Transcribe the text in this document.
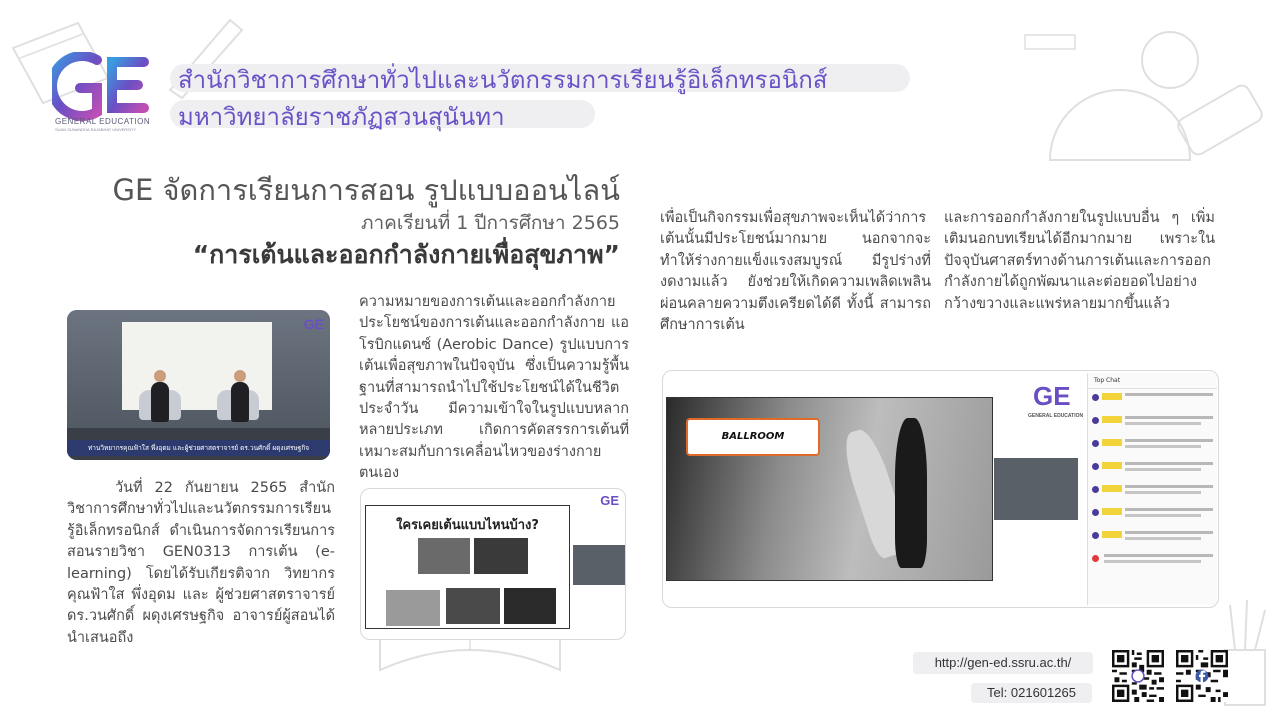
GENERAL EDUCATION
SUAN SUNANDHA RAJABHAT UNIVERSITY
สำนักวิชาการศึกษาทั่วไปและนวัตกรรมการเรียนรู้อิเล็กทรอนิกส์
มหาวิทยาลัยราชภัฏสวนสุนันทา
GE จัดการเรียนการสอน รูปแบบออนไลน์
ภาคเรียนที่ 1 ปีการศึกษา 2565
“การเต้นและออกกำลังกายเพื่อสุขภาพ”
GE
ท่านวิทยากรคุณฟ้าใส พึ่งอุดม และผู้ช่วยศาสตราจารย์ ดร.วนศักดิ์ ผดุงเศรษฐกิจ
GE
ใครเคยเต้นแบบไหนบ้าง?
BALLROOM
GE
GENERAL EDUCATION
Top Chat
วันที่ 22 กันยายน 2565 สำนักวิชาการศึกษาทั่วไปและนวัตกรรมการเรียนรู้อิเล็กทรอนิกส์ ดำเนินการจัดการเรียนการสอนรายวิชา GEN0313 การเต้น (e-learning) โดยได้รับเกียรติจาก วิทยากร คุณฟ้าใส พึ่งอุดม และ ผู้ช่วยศาสตราจารย์ ดร.วนศักดิ์ ผดุงเศรษฐกิจ อาจารย์ผู้สอนได้นำเสนอถึง
ความหมายของการเต้นและออกกำลังกาย ประโยชน์ของการเต้นและออกกำลังกาย แอโรบิกแดนซ์ (Aerobic Dance) รูปแบบการเต้นเพื่อสุขภาพในปัจจุบัน ซึ่งเป็นความรู้พื้นฐานที่สามารถนำไปใช้ประโยชน์ได้ในชีวิตประจำวัน มีความเข้าใจในรูปแบบหลากหลายประเภท เกิดการคัดสรรการเต้นที่เหมาะสมกับการเคลื่อนไหวของร่างกายตนเอง
เพื่อเป็นกิจกรรมเพื่อสุขภาพจะเห็นได้ว่าการเต้นนั้นมีประโยชน์มากมาย นอกจากจะทำให้ร่างกายแข็งแรงสมบูรณ์ มีรูปร่างที่งดงามแล้ว ยังช่วยให้เกิดความเพลิดเพลิน ผ่อนคลายความตึงเครียดได้ดี ทั้งนี้ สามารถศึกษาการเต้น
และการออกกำลังกายในรูปแบบอื่น ๆ เพิ่มเติมนอกบทเรียนได้อีกมากมาย เพราะในปัจจุบันศาสตร์ทางด้านการเต้นและการออกกำลังกายได้ถูกพัฒนาและต่อยอดไปอย่างกว้างขวางและแพร่หลายมากขึ้นแล้ว
http://gen-ed.ssru.ac.th/
Tel: 021601265
